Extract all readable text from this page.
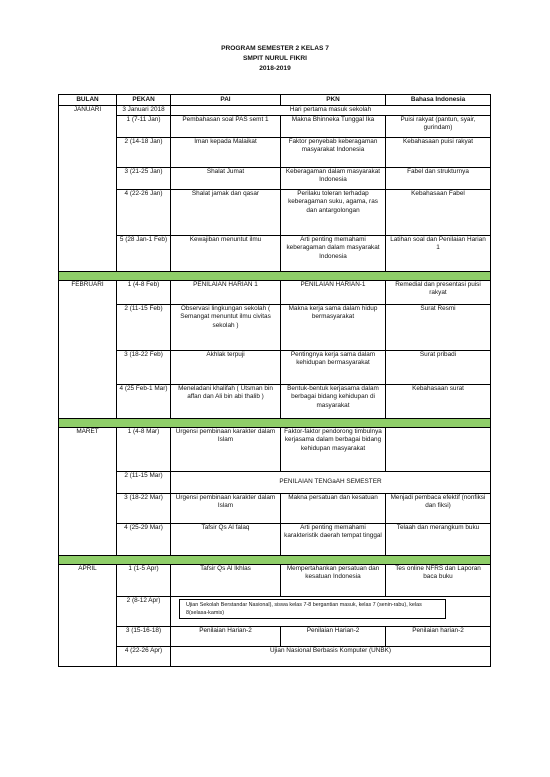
PROGRAM SEMESTER 2 KELAS 7
SMPIT NURUL FIKRI
2018-2019
BULAN	PEKAN	PAI	PKN	Bahasa Indonesia
JANUARI	3 Januari 2018	Hari pertama masuk sekolah		
	1 (7-11 Jan)	Pembahasan soal PAS semt 1	Makna Bhinneka Tunggal Ika	Puisi rakyat (pantun, syair, gurindam)
	2 (14-18 Jan)	Iman kepada Malaikat	Faktor penyebab keberagaman masyarakat Indonesia	Kebahasaan puisi rakyat
	3 (21-25 Jan)	Shalat Jumat	Keberagaman dalam masyarakat Indonesia	Fabel dan strukturnya
	4 (22-26 Jan)	Shalat jamak dan qasar	Perilaku toleran terhadap keberagaman suku, agama, ras dan antargolongan	Kebahasaan Fabel
	5 (28 Jan-1 Feb)	Kewajiban menuntut ilmu	Arti penting memahami keberagaman dalam masyarakat Indonesia	Latihan soal dan Penilaian Harian 1

FEBRUARI	1 (4-8 Feb)	PENILAIAN HARIAN 1	PENILAIAN HARIAN-1	Remedial dan presentasi puisi rakyat
	2 (11-15 Feb)	Observasi lingkungan sekolah ( Semangat menuntut ilmu civitas sekolah )	Makna kerja sama dalam hidup bermasyarakat	Surat Resmi
	3 (18-22 Feb)	Akhlak terpuji	Pentingnya kerja sama dalam kehidupan bermasyarakat	Surat pribadi
	4 (25 Feb-1 Mar)	Meneladani khalifah ( Utsman bin affan dan Ali bin abi thalib )	Bentuk-bentuk kerjasama dalam berbagai bidang kehidupan di masyarakat	Kebahasaan surat

MARET	1 (4-8 Mar)	Urgensi pembinaan karakter dalam Islam	Faktor-faktor pendorong timbulnya kerjasama dalam berbagai bidang kehidupan masyarakat	
	2 (11-15 Mar)	PENILAIAN TENGaAH SEMESTER		
	3 (18-22 Mar)	Urgensi pembinaan karakter dalam Islam	Makna persatuan dan kesatuan	Menjadi pembaca efektif (nonfiksi dan fiksi)
	4 (25-29 Mar)	Tafsir Qs Al falaq	Arti penting memahami karakteristik daerah tempat tinggal	Telaah dan merangkum buku

APRIL	1 (1-5 Apr)	Tafsir Qs Al Ikhlas	Mempertahankan persatuan dan kesatuan Indonesia	Tes online NFRS dan Laporan baca buku
	2 (8-12 Apr)	Ujian Sekolah Berstandar Nasional), siswa kelas 7-8 bergantian masuk, kelas 7 (senin-rabu), kelas 8(selasa-kamis)		

	3 (15-16-18)	Penilaian Harian-2	Penilaian Harian-2	Penilaian harian-2
	4 (22-26 Apr)	Ujian Nasional Berbasis Komputer (UNBK)		
